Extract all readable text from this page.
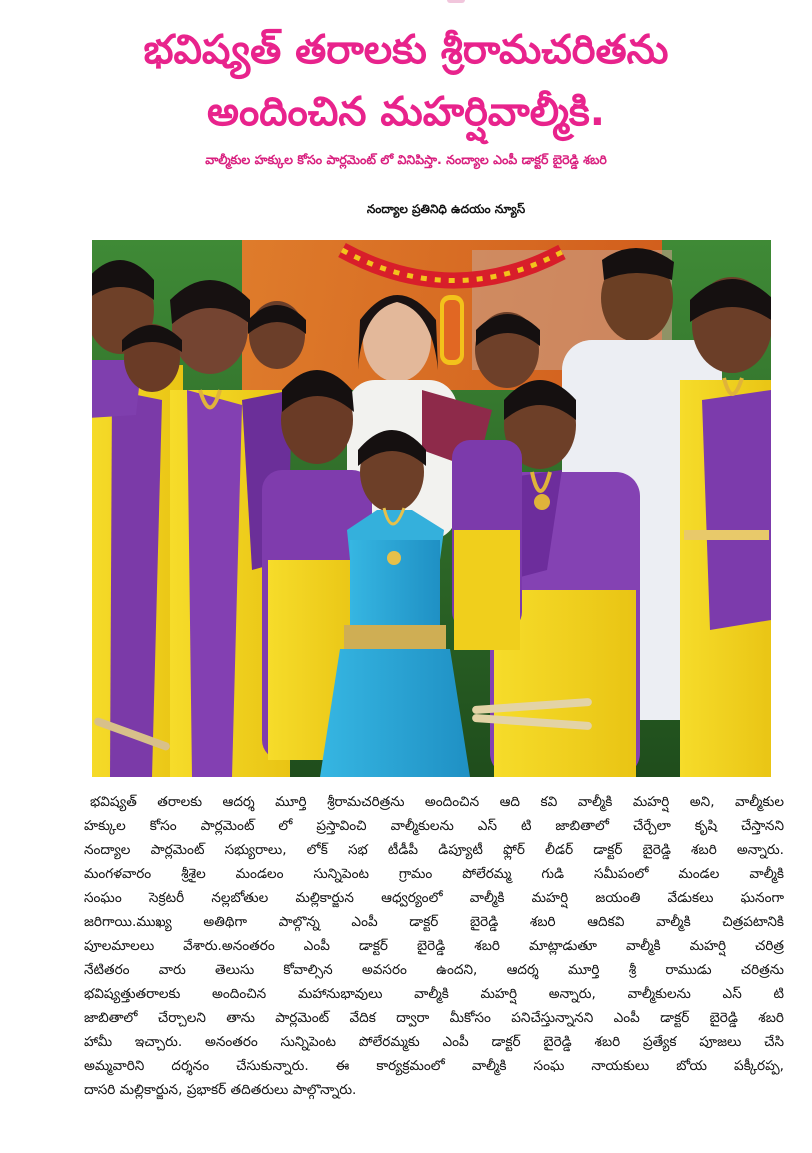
భవిష్యత్ తరాలకు శ్రీరామచరితను
అందించిన మహర్షివాల్మీకి.
వాల్మీకుల హక్కుల కోసం పార్లమెంట్ లో వినిపిస్తా. నంద్యాల ఎంపీ డాక్టర్ బైరెడ్డి శబరి
నంద్యాల ప్రతినిధి ఉదయం న్యూస్
భవిష్యత్ తరాలకు ఆదర్శ మూర్తి శ్రీరామచరిత్రను అందించిన ఆది కవి వాల్మీకి మహర్షి అని, వాల్మీకుల
హక్కుల కోసం పార్లమెంట్ లో ప్రస్తావించి వాల్మీకులను ఎస్ టి జాబితాలో చేర్చేలా కృషి చేస్తానని
నంద్యాల పార్లమెంట్ సభ్యురాలు, లోక్ సభ టీడీపీ డిప్యూటీ ఫ్లోర్ లీడర్ డాక్టర్ బైరెడ్డి శబరి అన్నారు.
మంగళవారం శ్రీశైల మండలం సున్నిపెంట గ్రామం పోలేరమ్మ గుడి సమీపంలో మండల వాల్మీకి
సంఘం సెక్రటరీ నల్లబోతుల మల్లికార్జున ఆధ్వర్యంలో వాల్మీకి మహర్షి జయంతి వేడుకలు ఘనంగా
జరిగాయి.ముఖ్య అతిథిగా పాల్గొన్న ఎంపీ డాక్టర్ బైరెడ్డి శబరి ఆదికవి వాల్మీకి చిత్రపటానికి
పూలమాలలు వేశారు.అనంతరం ఎంపీ డాక్టర్ బైరెడ్డి శబరి మాట్లాడుతూ వాల్మీకి మహర్షి చరిత్ర
నేటితరం వారు తెలుసు కోవాల్సిన అవసరం ఉందని, ఆదర్శ మూర్తి శ్రీ రాముడు చరిత్రను
భవిష్యత్తుతరాలకు అందించిన మహానుభావులు వాల్మీకి మహర్షి అన్నారు, వాల్మీకులను ఎస్ టి
జాబితాలో చేర్చాలని తాను పార్లమెంట్ వేదిక ద్వారా మీకోసం పనిచేస్తున్నానని ఎంపీ డాక్టర్ బైరెడ్డి శబరి
హామీ ఇచ్చారు. అనంతరం సున్నిపెంట పోలేరమ్మకు ఎంపీ డాక్టర్ బైరెడ్డి శబరి ప్రత్యేక పూజలు చేసి
అమ్మవారిని దర్శనం చేసుకున్నారు. ఈ కార్యక్రమంలో వాల్మీకి సంఘ నాయకులు బోయ పక్కీరప్ప,
దాసరి మల్లికార్జున, ప్రభాకర్ తదితరులు పాల్గొన్నారు.
